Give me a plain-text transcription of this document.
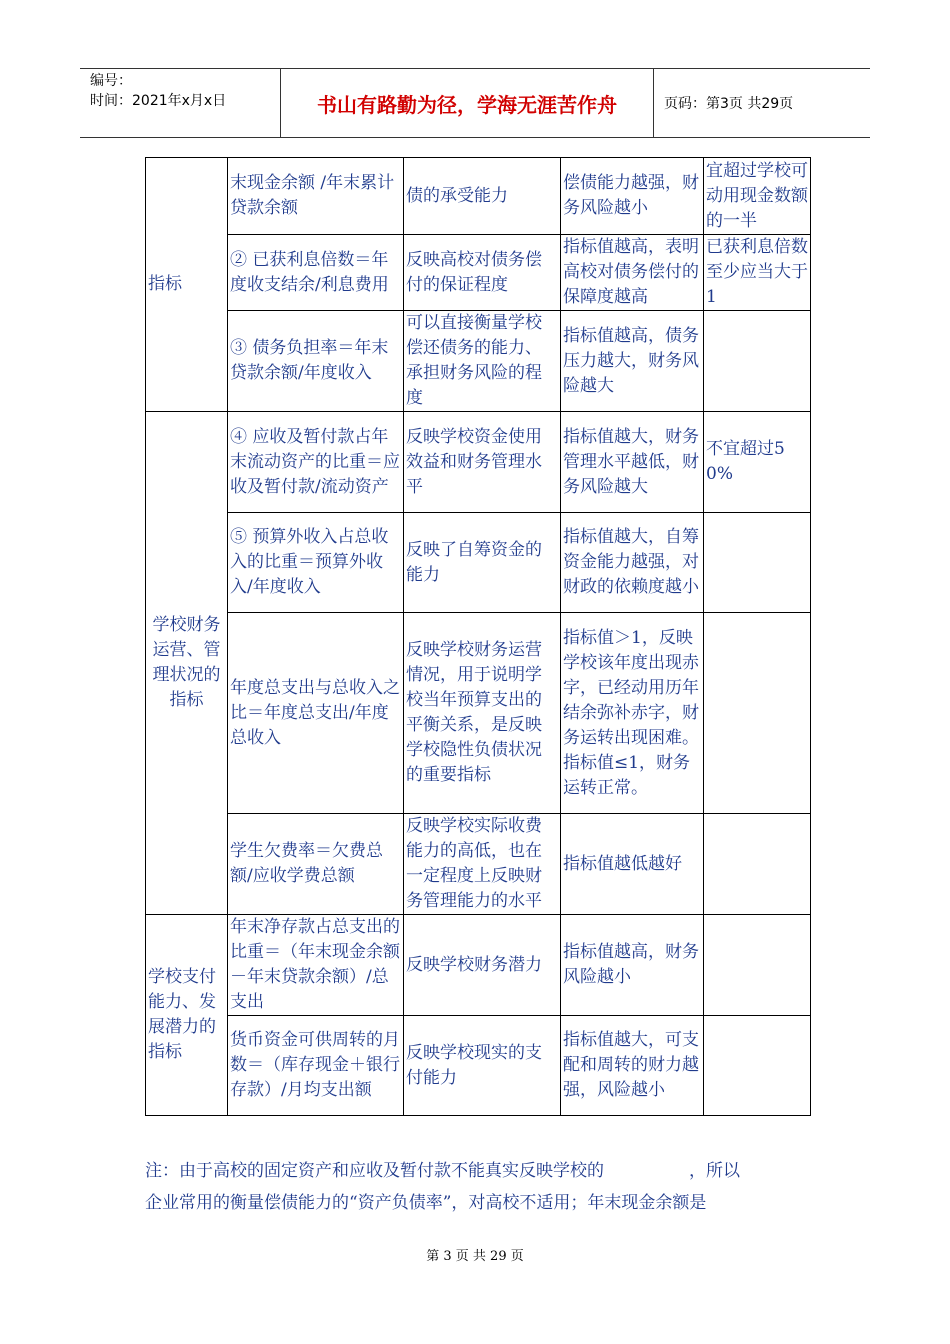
编号：
时间：2021年x月x日	书山有路勤为径，学海无涯苦作舟	页码：第3页 共29页
指标	末现金余额 /年末累计贷款余额	债的承受能力	偿债能力越强，财务风险越小	宜超过学校可动用现金数额的一半
	② 已获利息倍数＝年度收支结余/利息费用	反映高校对债务偿付的保证程度	指标值越高，表明高校对债务偿付的保障度越高	已获利息倍数至少应当大于1
	③ 债务负担率＝年末贷款余额/年度收入	可以直接衡量学校偿还债务的能力、承担财务风险的程度	指标值越高，债务压力越大，财务风险越大	
学校财务运营、管理状况的指标	④ 应收及暂付款占年末流动资产的比重＝应收及暂付款/流动资产	反映学校资金使用效益和财务管理水平	指标值越大，财务管理水平越低，财务风险越大	不宜超过50%
	⑤ 预算外收入占总收入的比重＝预算外收入/年度收入	反映了自筹资金的能力	指标值越大，自筹资金能力越强，对财政的依赖度越小	
	年度总支出与总收入之比＝年度总支出/年度总收入	反映学校财务运营情况，用于说明学校当年预算支出的平衡关系，是反映学校隐性负债状况的重要指标	指标值＞1，反映学校该年度出现赤字，已经动用历年结余弥补赤字，财务运转出现困难。指标值≤1，财务运转正常。	
	学生欠费率＝欠费总额/应收学费总额	反映学校实际收费能力的高低，也在一定程度上反映财务管理能力的水平	指标值越低越好	
学校支付能力、发展潜力的指标	年末净存款占总支出的比重＝（年末现金余额－年末贷款余额）/总支出	反映学校财务潜力	指标值越高，财务风险越小	
	货币资金可供周转的月数＝（库存现金＋银行存款）/月均支出额	反映学校现实的支付能力	指标值越大，可支配和周转的财力越强，风险越小	

注：由于高校的固定资产和应收及暂付款不能真实反映学校的	，所以

企业常用的衡量偿债能力的“资产负债率”，对高校不适用；年末现金余额是

第 3 页 共 29 页
